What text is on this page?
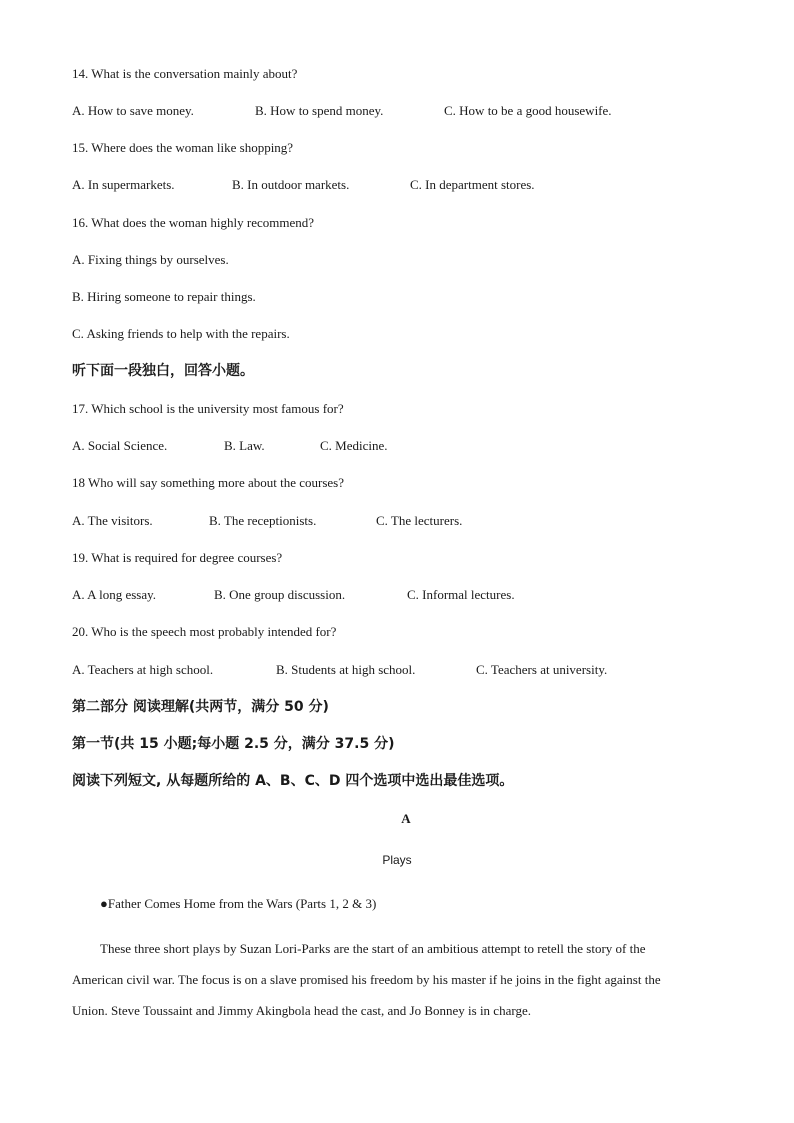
14. What is the conversation mainly about?
A. How to save money.	B. How to spend money.	C. How to be a good housewife.
15. Where does the woman like shopping?
A. In supermarkets.	B. In outdoor markets.	C. In department stores.
16. What does the woman highly recommend?
A. Fixing things by ourselves.
B. Hiring someone to repair things.
C. Asking friends to help with the repairs.
听下面一段独白，回答小题。
17. Which school is the university most famous for?
A. Social Science.	B. Law.	C. Medicine.
18 Who will say something more about the courses?
A. The visitors.	B. The receptionists.	C. The lecturers.
19. What is required for degree courses?
A. A long essay.	B. One group discussion.	C. Informal lectures.
20. Who is the speech most probably intended for?
A. Teachers at high school.	B. Students at high school.	C. Teachers at university.
第二部分 阅读理解(共两节，满分 50 分)
第一节(共 15 小题;每小题 2.5 分，满分 37.5 分)
阅读下列短文, 从每题所给的 A、B、C、D 四个选项中选出最佳选项。
A
Plays
●Father Comes Home from the Wars (Parts 1, 2 & 3)
These three short plays by Suzan Lori-Parks are the start of an ambitious attempt to retell the story of the
American civil war. The focus is on a slave promised his freedom by his master if he joins in the fight against the
Union. Steve Toussaint and Jimmy Akingbola head the cast, and Jo Bonney is in charge.
